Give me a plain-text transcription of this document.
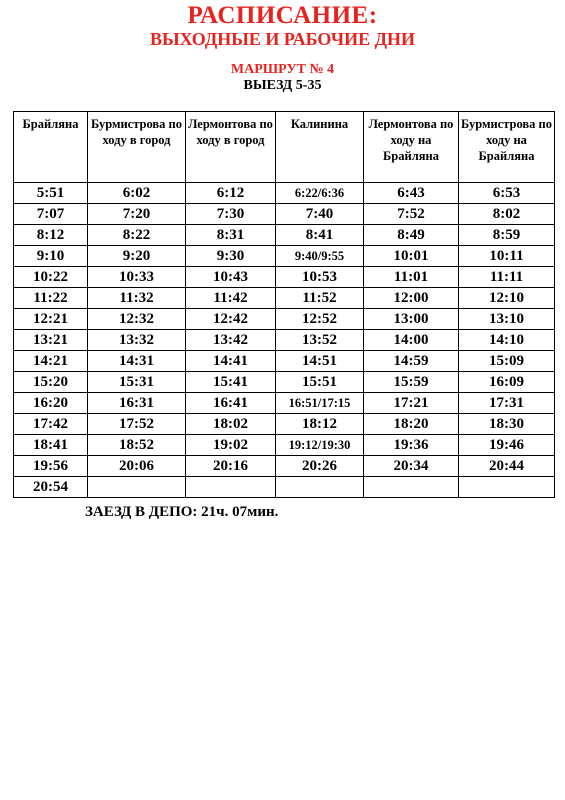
РАСПИСАНИЕ:
ВЫХОДНЫЕ И РАБОЧИЕ ДНИ
МАРШРУТ № 4
ВЫЕЗД 5-35
Брайляна	Бурмистрова по ходу в город	Лермонтова по ходу в город	Калинина	Лермонтова по ходу на Брайляна	Бурмистрова по ходу на Брайляна
5:51	6:02	6:12	6:22/6:36	6:43	6:53
7:07	7:20	7:30	7:40	7:52	8:02
8:12	8:22	8:31	8:41	8:49	8:59
9:10	9:20	9:30	9:40/9:55	10:01	10:11
10:22	10:33	10:43	10:53	11:01	11:11
11:22	11:32	11:42	11:52	12:00	12:10
12:21	12:32	12:42	12:52	13:00	13:10
13:21	13:32	13:42	13:52	14:00	14:10
14:21	14:31	14:41	14:51	14:59	15:09
15:20	15:31	15:41	15:51	15:59	16:09
16:20	16:31	16:41	16:51/17:15	17:21	17:31
17:42	17:52	18:02	18:12	18:20	18:30
18:41	18:52	19:02	19:12/19:30	19:36	19:46
19:56	20:06	20:16	20:26	20:34	20:44
20:54					
ЗАЕЗД В ДЕПО: 21ч. 07мин.
